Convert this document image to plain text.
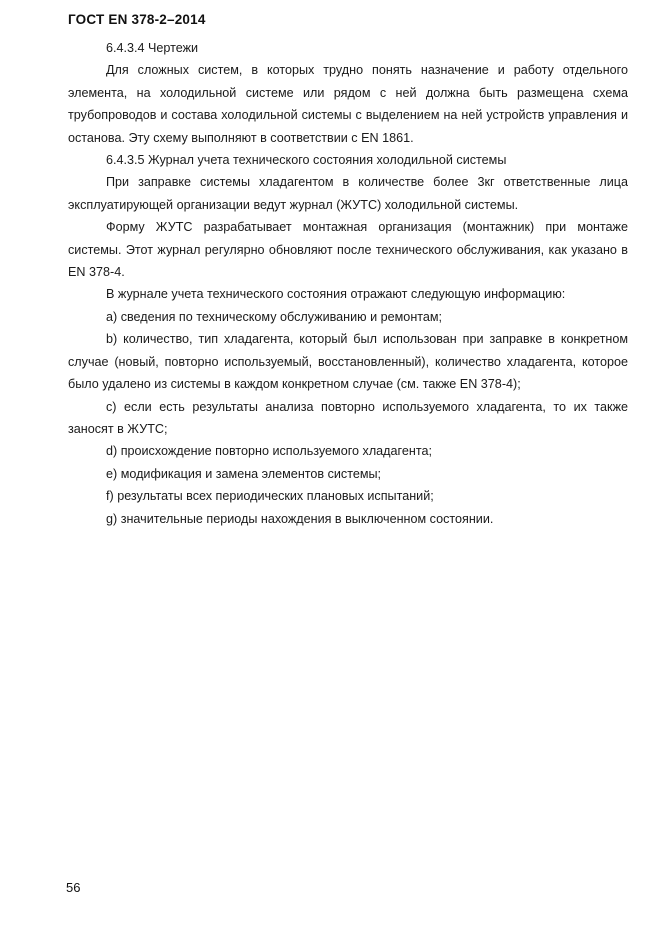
ГОСТ EN 378-2–2014

6.4.3.4 Чертежи

Для сложных систем, в которых трудно понять назначение и работу отдельного элемента, на холодильной системе или рядом с ней должна быть размещена схема трубопроводов и состава холодильной системы с выделением на ней устройств управления и останова. Эту схему выполняют в соответствии с EN 1861.

6.4.3.5 Журнал учета технического состояния холодильной системы

При заправке системы хладагентом в количестве более 3кг ответственные лица эксплуатирующей организации ведут журнал (ЖУТС) холодильной системы.

Форму ЖУТС разрабатывает монтажная организация (монтажник) при монтаже системы. Этот журнал регулярно обновляют после технического обслуживания, как указано в EN 378-4.

В журнале учета технического состояния отражают следующую информацию:

a) сведения по техническому обслуживанию и ремонтам;

b) количество, тип хладагента, который был использован при заправке в конкретном случае (новый, повторно используемый, восстановленный), количество хладагента, которое было удалено из системы в каждом конкретном случае (см. также EN 378-4);

c) если есть результаты анализа повторно используемого хладагента, то их также заносят в ЖУТС;

d) происхождение повторно используемого хладагента;

e) модификация и замена элементов системы;

f) результаты всех периодических плановых испытаний;

g) значительные периоды нахождения в выключенном состоянии.

56
